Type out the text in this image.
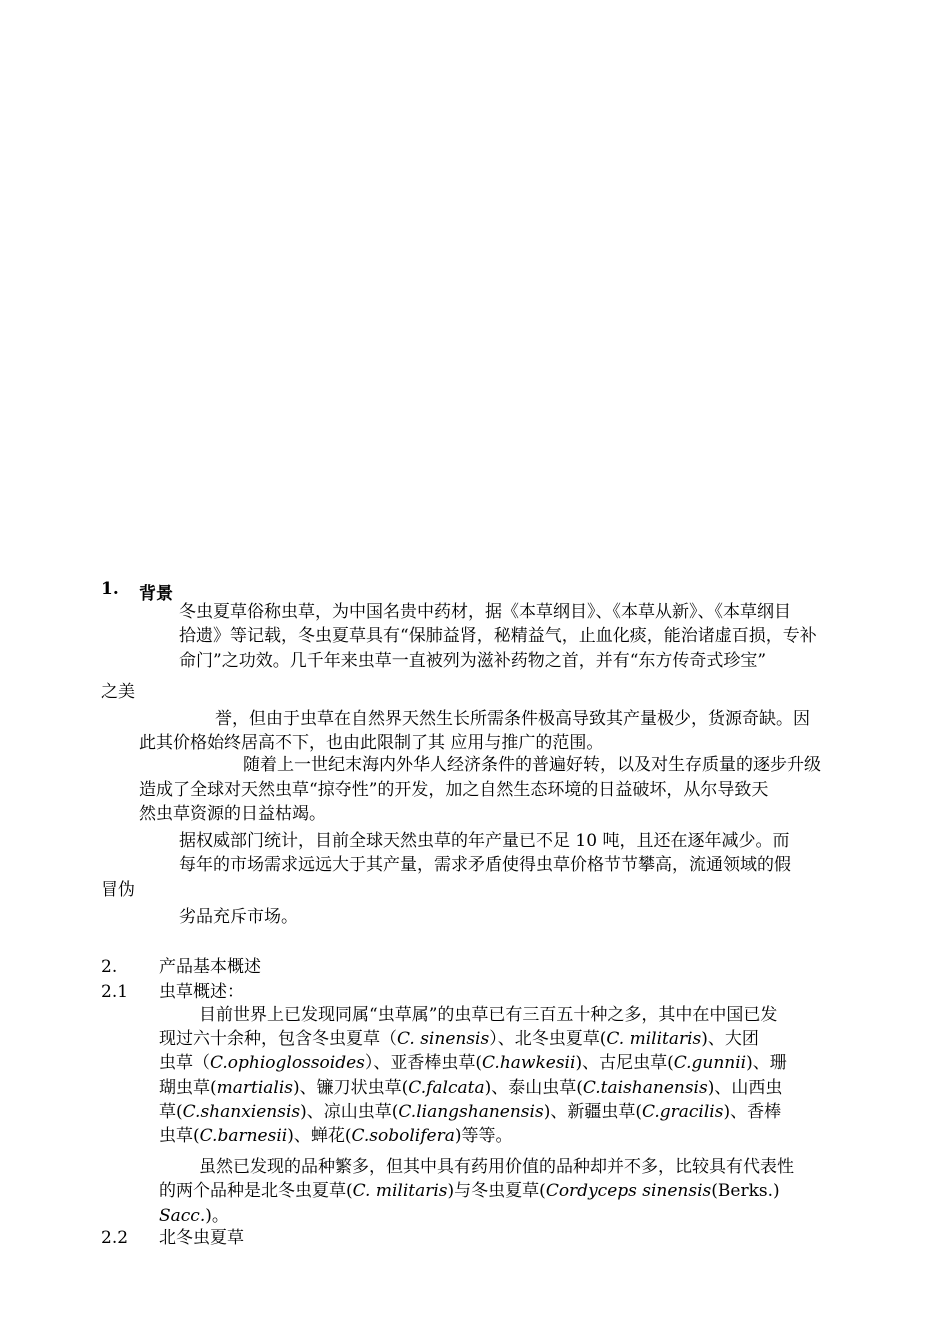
1. 背景
冬虫夏草俗称虫草，为中国名贵中药材，据《本草纲目》、《本草从新》、《本草纲目
拾遗》等记载，冬虫夏草具有“保肺益肾，秘精益气，止血化痰，能治诸虚百损，专补
命门”之功效。几千年来虫草一直被列为滋补药物之首，并有“东方传奇式珍宝”
之美
誉，但由于虫草在自然界天然生长所需条件极高导致其产量极少，货源奇缺。因
此其价格始终居高不下，也由此限制了其 应用与推广的范围。
随着上一世纪末海内外华人经济条件的普遍好转，以及对生存质量的逐步升级
造成了全球对天然虫草“掠夺性”的开发，加之自然生态环境的日益破坏，从尔导致天
然虫草资源的日益枯竭。
据权威部门统计，目前全球天然虫草的年产量已不足 10 吨，且还在逐年减少。而
每年的市场需求远远大于其产量，需求矛盾使得虫草价格节节攀高，流通领域的假
冒伪
劣品充斥市场。
2. 产品基本概述
2.1 虫草概述：
目前世界上已发现同属“虫草属”的虫草已有三百五十种之多，其中在中国已发
现过六十余种，包含冬虫夏草（C. sinensis）、北冬虫夏草(C. militaris)、大团
虫草（C.ophioglossoides）、亚香棒虫草(C.hawkesii)、古尼虫草(C.gunnii)、珊
瑚虫草(martialis)、镰刀状虫草(C.falcata)、泰山虫草(C.taishanensis)、山西虫
草(C.shanxiensis)、凉山虫草(C.liangshanensis)、新疆虫草(C.gracilis)、香棒
虫草(C.barnesii)、蝉花(C.sobolifera)等等。
虽然已发现的品种繁多，但其中具有药用价值的品种却并不多，比较具有代表性
的两个品种是北冬虫夏草(C. militaris)与冬虫夏草(Cordyceps sinensis(Berks.)
Sacc.)。
2.2 北冬虫夏草
